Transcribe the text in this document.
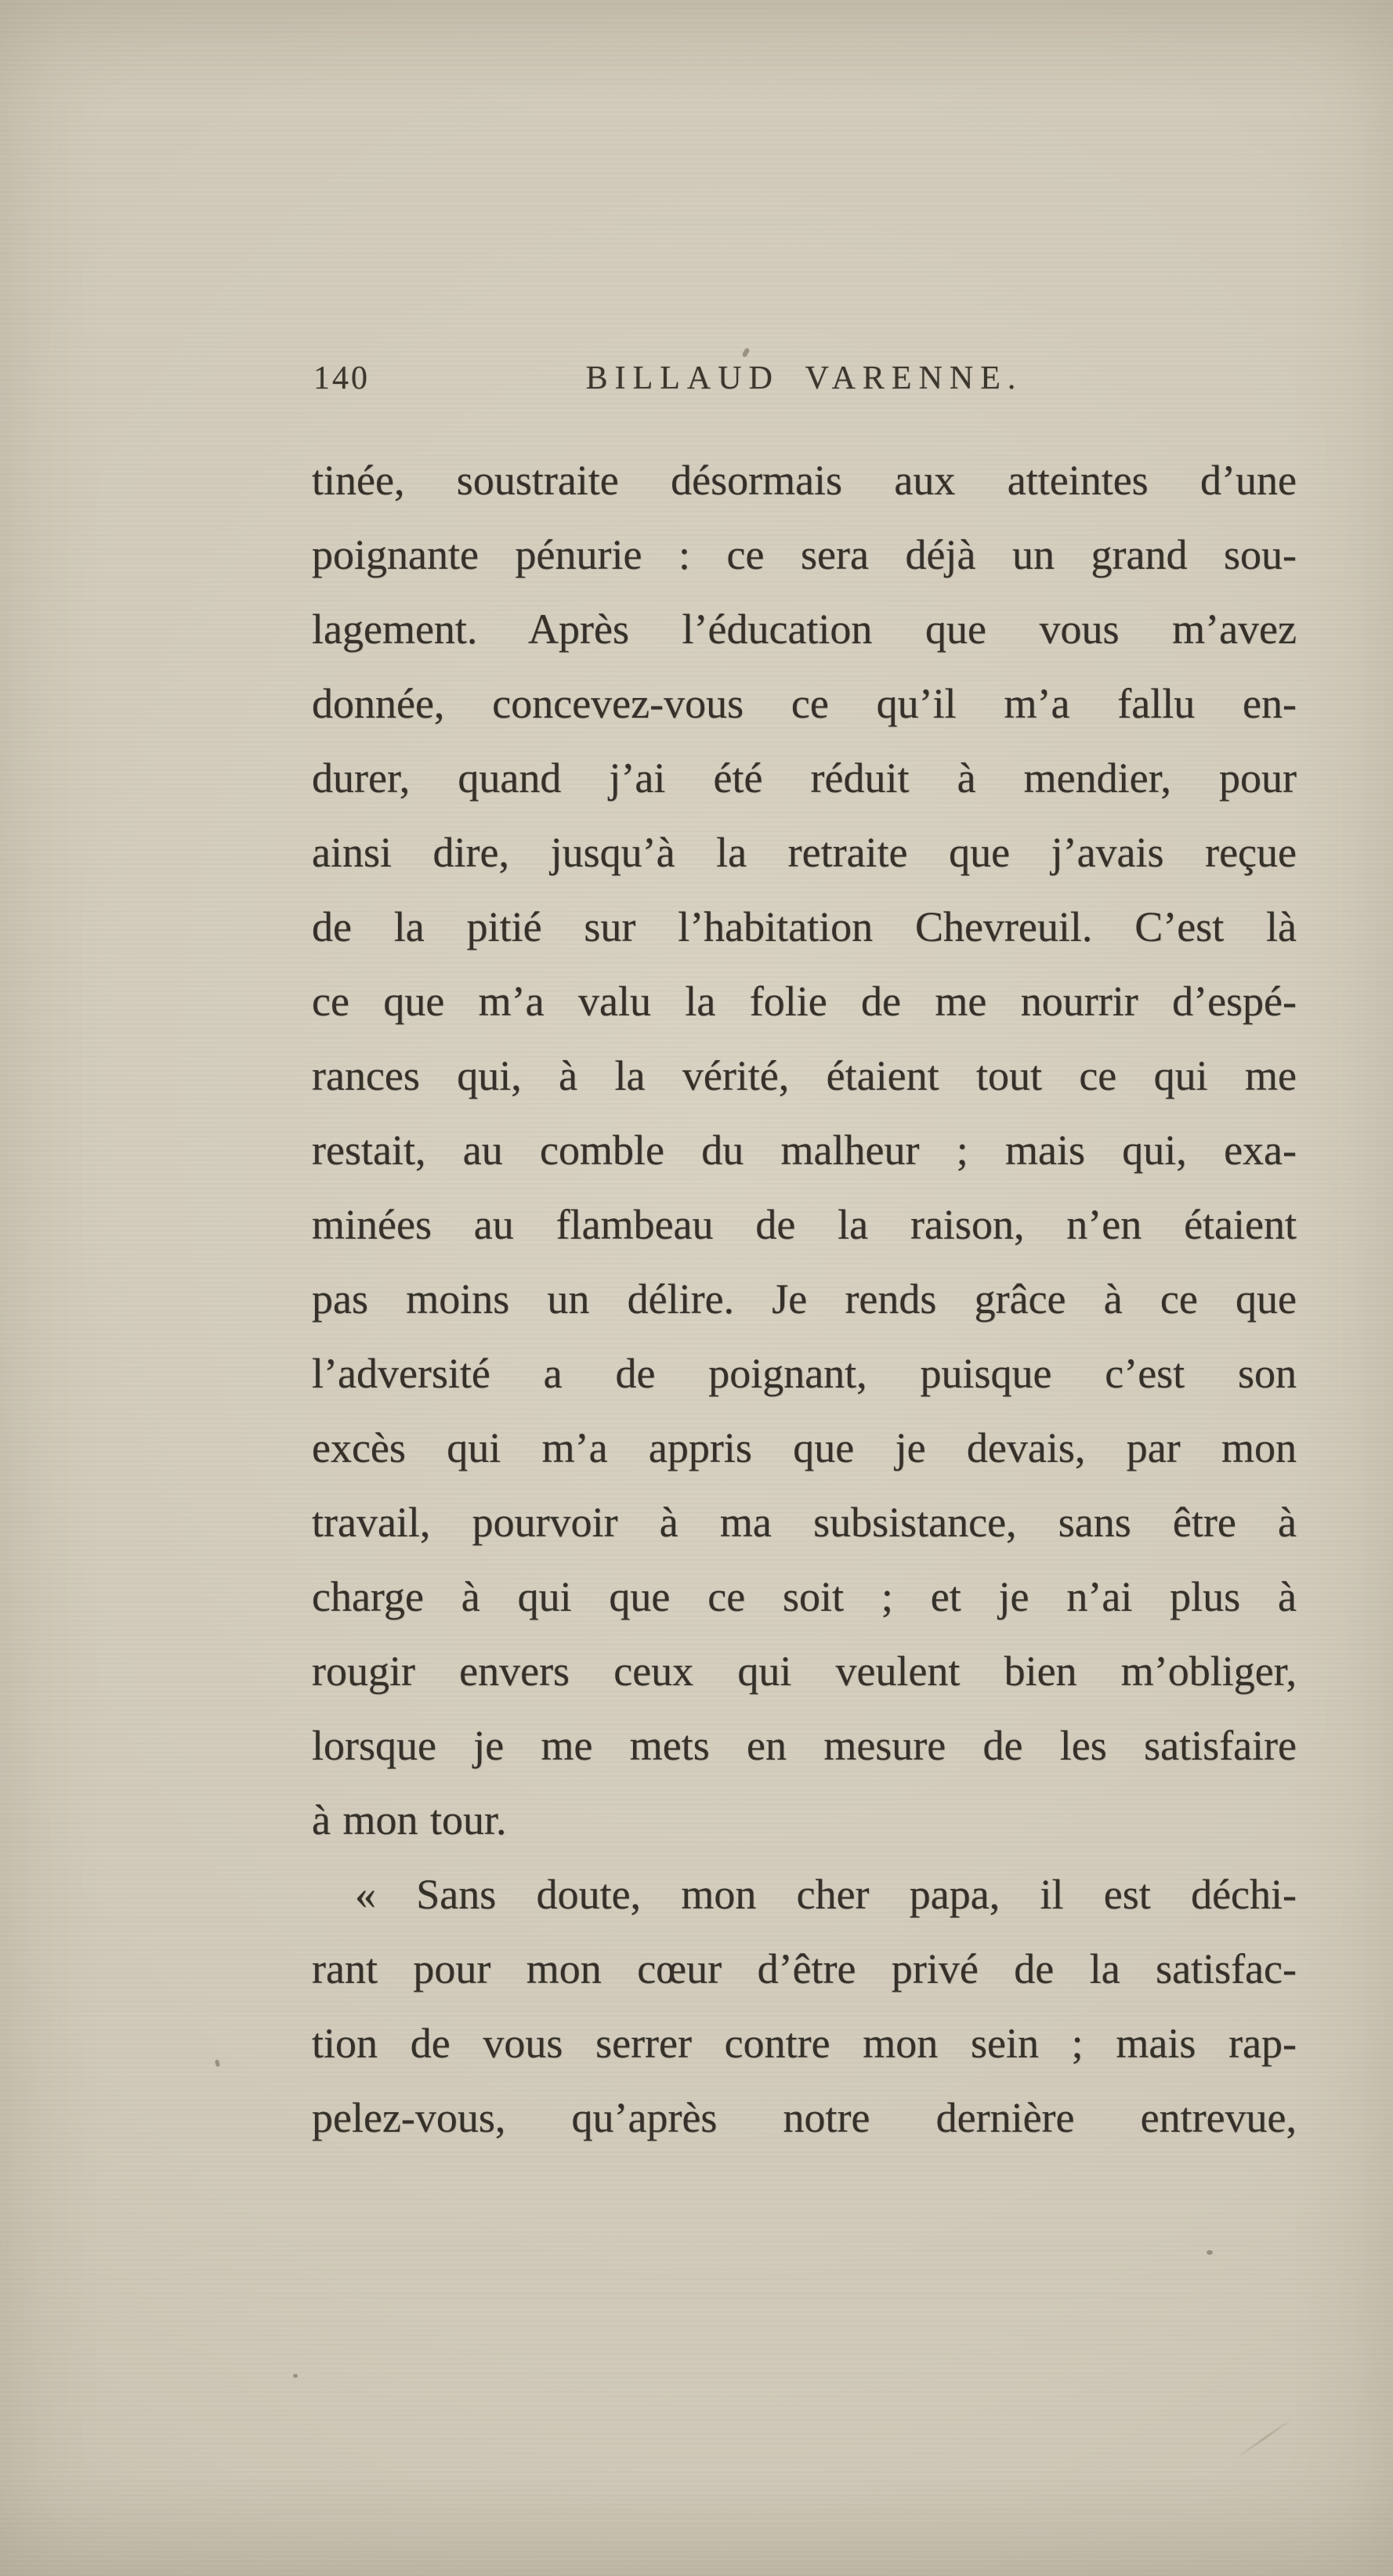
140	BILLAUD VARENNE.
tinée, soustraite désormais aux atteintes d’une
poignante pénurie : ce sera déjà un grand sou-
lagement. Après l’éducation que vous m’avez
donnée, concevez-vous ce qu’il m’a fallu en-
durer, quand j’ai été réduit à mendier, pour
ainsi dire, jusqu’à la retraite que j’avais reçue
de la pitié sur l’habitation Chevreuil. C’est là
ce que m’a valu la folie de me nourrir d’espé-
rances qui, à la vérité, étaient tout ce qui me
restait, au comble du malheur ; mais qui, exa-
minées au flambeau de la raison, n’en étaient
pas moins un délire. Je rends grâce à ce que
l’adversité a de poignant, puisque c’est son
excès qui m’a appris que je devais, par mon
travail, pourvoir à ma subsistance, sans être à
charge à qui que ce soit ; et je n’ai plus à
rougir envers ceux qui veulent bien m’obliger,
lorsque je me mets en mesure de les satisfaire
à mon tour.
« Sans doute, mon cher papa, il est déchi-
rant pour mon cœur d’être privé de la satisfac-
tion de vous serrer contre mon sein ; mais rap-
pelez-vous, qu’après notre dernière entrevue,
